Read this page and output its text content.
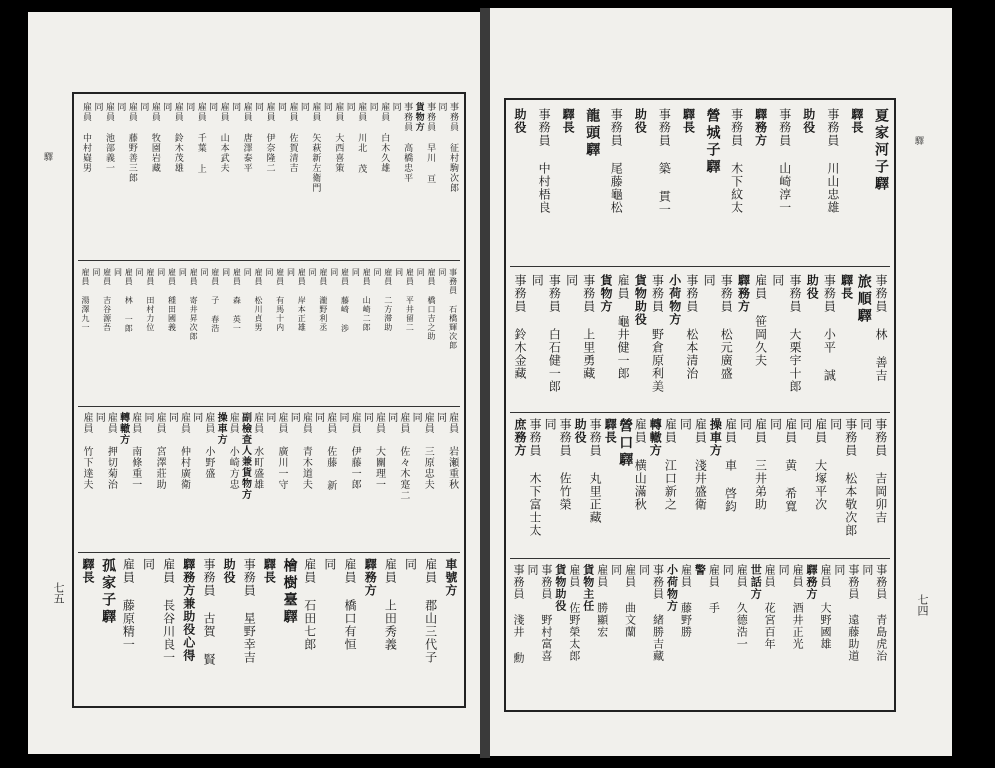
驛
七五
事務員 征村駒次郎
同
事務員 早川 亘
貨物方
事務員 高橋忠平
同
雇員 白木久雄
同
雇員 川北 茂
同
雇員 大西喜策
同
雇員 矢萩新左衛門
同
雇員 佐賀清吉
同
雇員 伊奈隆二
同
雇員 唐澤泰平
同
雇員 山本武夫
同
雇員 千葉 上
同
雇員 鈴木茂雄
同
雇員 牧園岩藏
同
雇員 藤野善三郎
同
雇員 池部義一
同
雇員 中村嶷男
事務員 石橋輝次郎
同
雇員 橋口吉之助
同
雇員 平井留二
同
雇員 二方滞助
同
雇員 山崎二郎
同
雇員 藤崎 渉
同
雇員 瀧野利丞
同
雇員 岸本正雄
同
雇員 有馬十内
同
雇員 松川貞男
同
雇員 森 英一
同
雇員 子 春浩
同
雇員 寄井昇次郎
同
雇員 種田國義
同
雇員 田村力位
同
雇員 林 一郎
同
雇員 吉谷源吾
同
雇員 湯澤九一
雇員 岩瀬重秋
同
雇員 三原忠夫
同
雇員 佐々木寔二
同
雇員 大關理一
同
雇員 伊藤一郎
同
雇員 佐藤 新
同
雇員 青木道夫
同
雇員 廣川一守
同
雇員 水町盛雄
副檢査人兼貨物方
雇員 小崎方忠
操車方
雇員 小野盛
同
雇員 仲村廣衛
同
雇員 宮澤莊助
同
雇員 南條重一
轉轍方
雇員 押切菊治
同
雇員 竹下達夫
車號方
雇員 郡山三代子
同
雇員 上田秀義
驛務方
雇員 橋口有恒
同
雇員 石田七郎
檜樹臺驛
驛長
事務員 星野幸吉
助役
事務員 古賀 賢
驛務方兼助役心得
雇員 長谷川良一
同
雇員 藤原精一
孤家子驛
驛長
驛
七四
夏家河子驛
驛長
事務員 川山忠雄
助役
事務員 山崎淳一
驛務方
事務員 木下紋太
營城子驛
驛長
事務員 築 貫一
助役
事務員 尾藤龜松
龍頭驛
驛長
事務員 中村梧良
助役
事務員 林 善吉
旅順驛
驛長
事務員 小平 誠
助役
事務員 大栗宇十郎
同
雇員 笹岡久夫
驛務方
事務員 松元廣盛
同
事務員 松本清治
小荷物方
事務員 野倉原利美
貨物助役
雇員 龜井健一郎
貨物方
事務員 上里勇藏
同
事務員 白石健一郎
同
事務員 鈴木金藏
事務員 吉岡卯吉
同
事務員 松本敬次郎
同
雇員 大塚平次
同
雇員 黄 希寬
同
雇員 三井弟助
同
雇員 車 啓鈞
操車方
雇員 淺井盛衛
同
雇員 江口新之
轉轍方
雇員 横山滿秋
營口驛
驛長
事務員 丸里正藏
助役
事務員 佐竹榮
同
事務員 木下富士太
庶務方
事務員 青島虎治
同
事務員 遠藤助道
同
雇員 大野國雄
驛務方
雇員 酒井正光
同
雇員 花宮百年
世話方
雇員 久德浩一
同
雇員 手
警
雇員 藤野勝
小荷物方
事務員 緒勝吉藏
同
雇員 曲文蘭
同
雇員 勝顯宏
貨物主任
雇員 佐野榮太郎
貨物助役
事務員 野村富喜
同
事務員 淺井 勳
